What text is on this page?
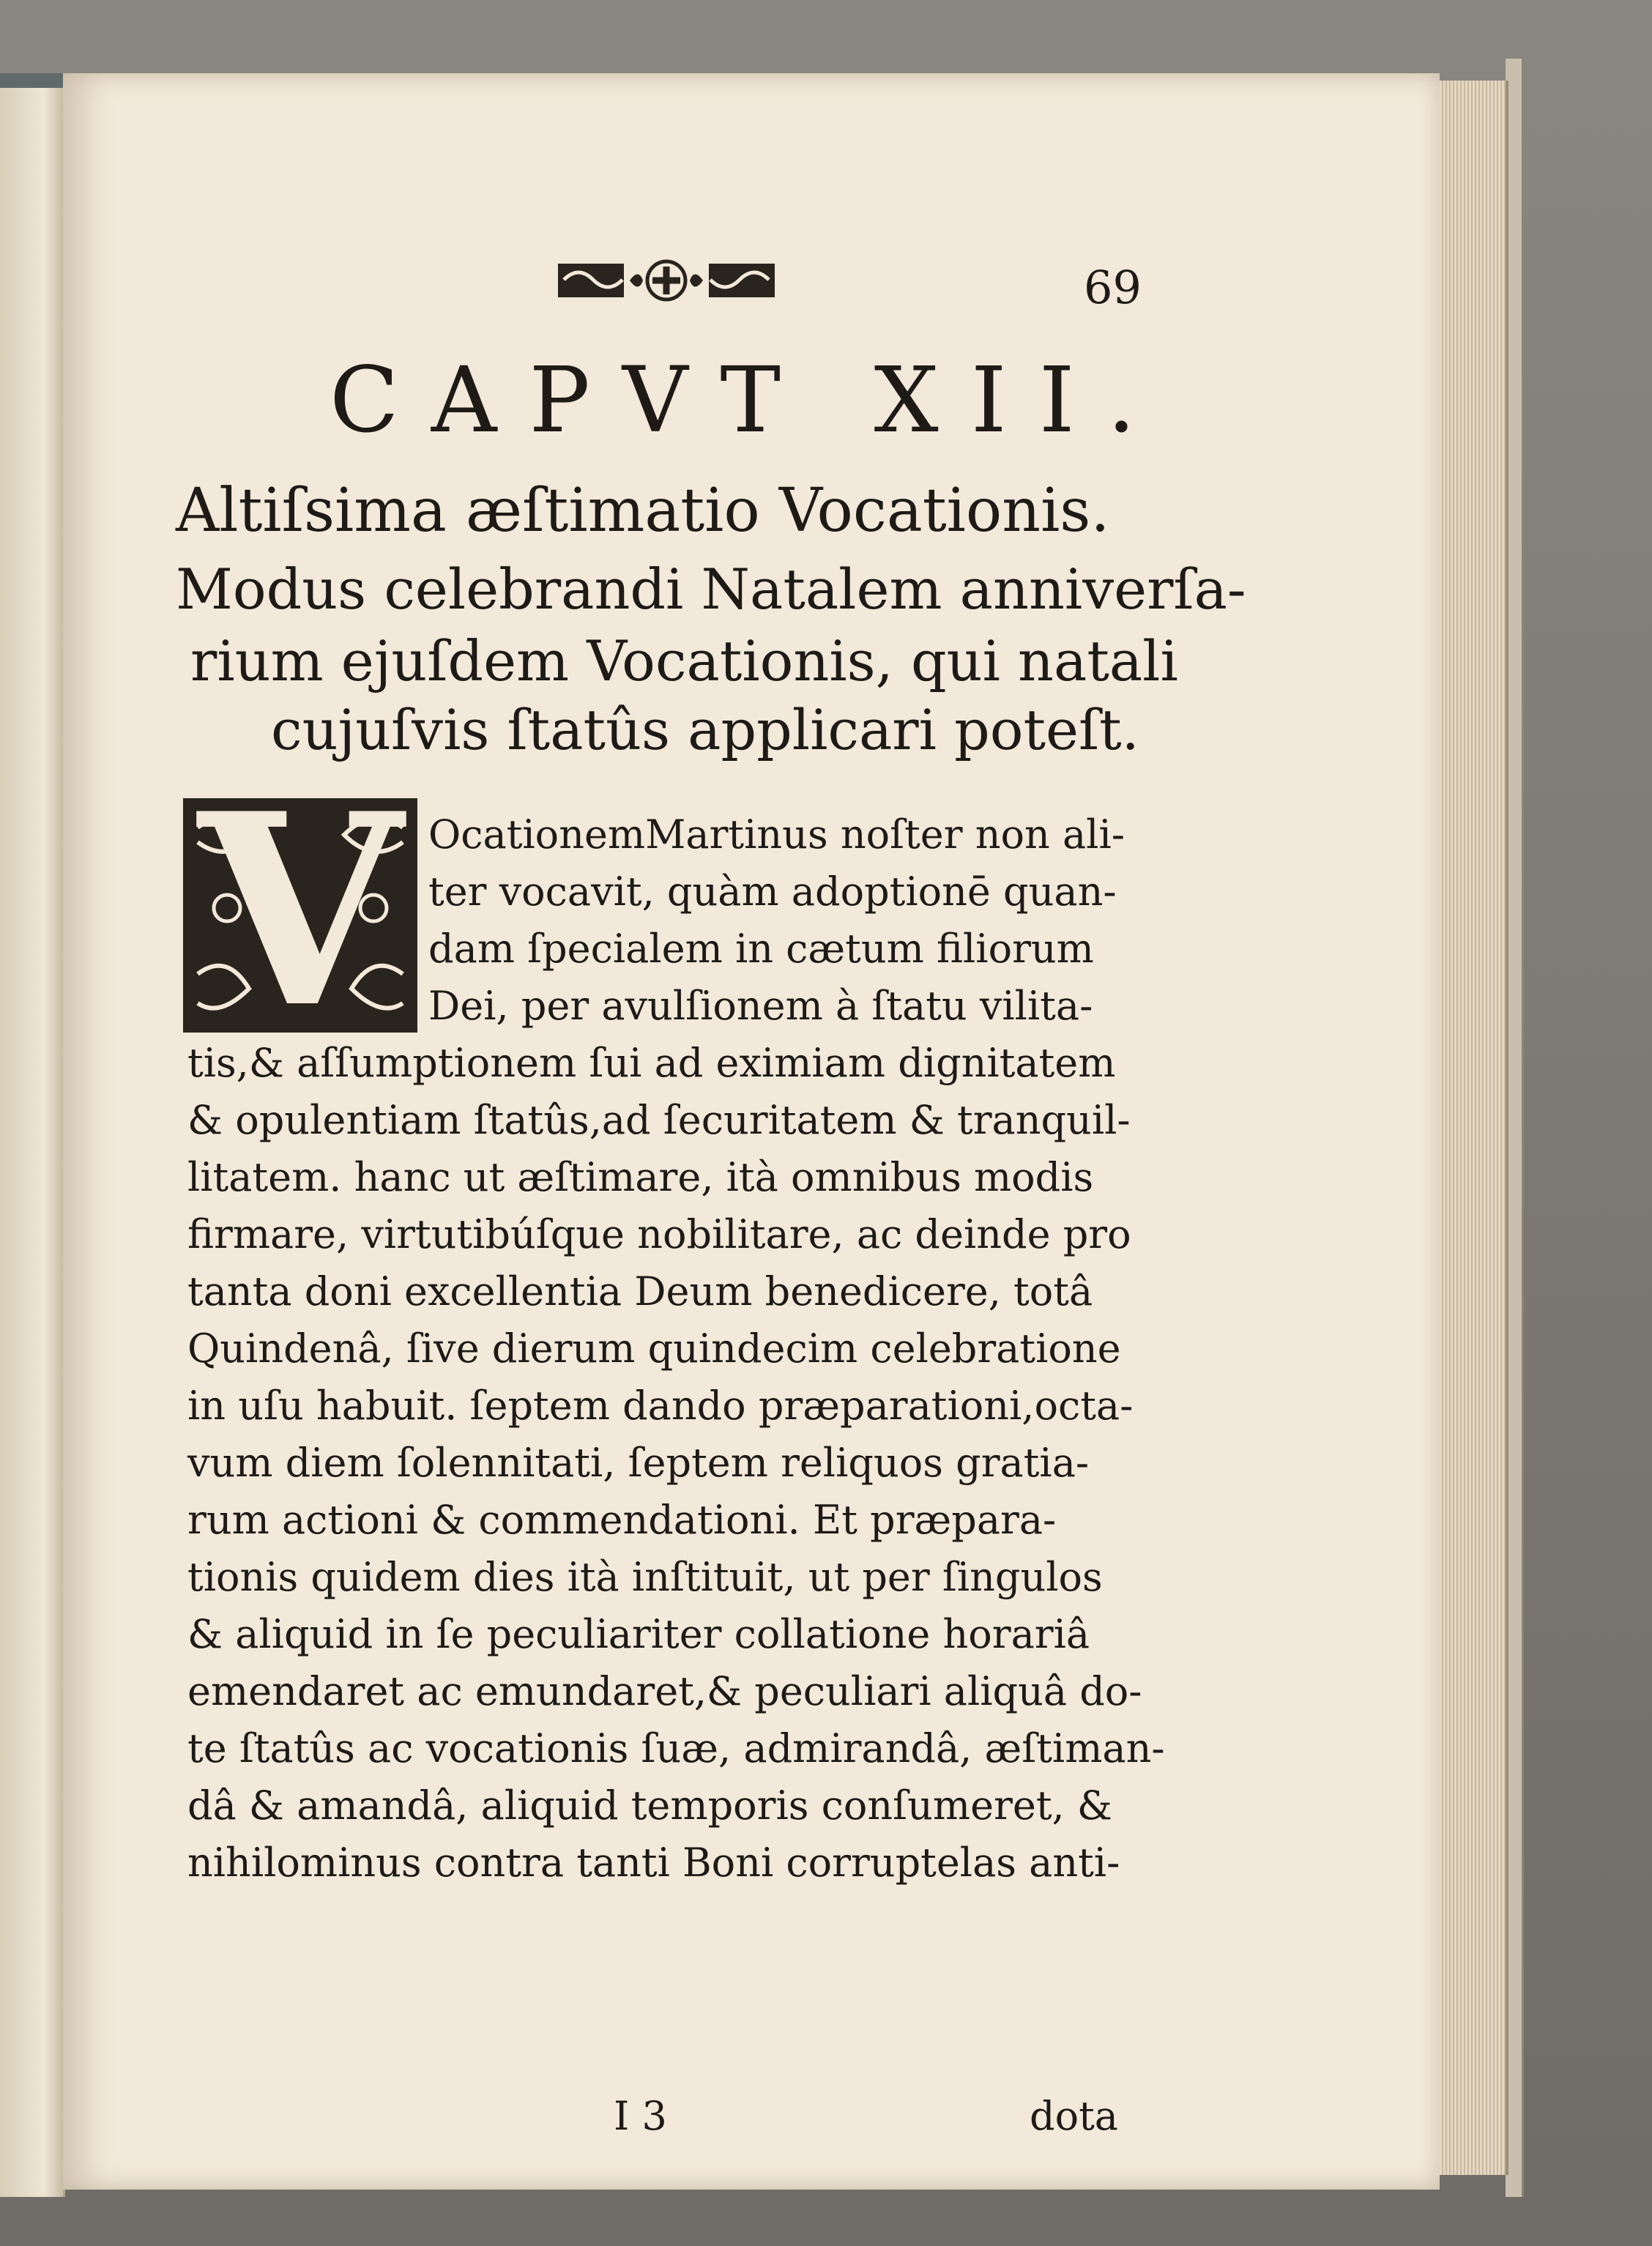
69
CAPVT XII.
Altiſsima æſtimatio Vocationis.
Modus celebrandi Natalem anniverſa-
rium ejuſdem Vocationis, qui natali
cujuſvis ſtatûs applicari poteſt.
V OcationemMartinus noſter non ali-
ter vocavit, quàm adoptionē quan-
dam ſpecialem in cætum filiorum
Dei, per avulſionem à ſtatu vilita-
tis,& aſſumptionem ſui ad eximiam dignitatem
& opulentiam ſtatûs,ad ſecuritatem & tranquil-
litatem. hanc ut æſtimare, ità omnibus modis
firmare, virtutibúſque nobilitare, ac deinde pro
tanta doni excellentia Deum benedicere, totâ
Quindenâ, ſive dierum quindecim celebratione
in uſu habuit. ſeptem dando præparationi,octa-
vum diem ſolennitati, ſeptem reliquos gratia-
rum actioni & commendationi. Et præpara-
tionis quidem dies ità inſtituit, ut per ſingulos
& aliquid in ſe peculiariter collatione horariâ
emendaret ac emundaret,& peculiari aliquâ do-
te ſtatûs ac vocationis ſuæ, admirandâ, æſtiman-
dâ & amandâ, aliquid temporis conſumeret, &
nihilominus contra tanti Boni corruptelas anti-
I 3	dota
